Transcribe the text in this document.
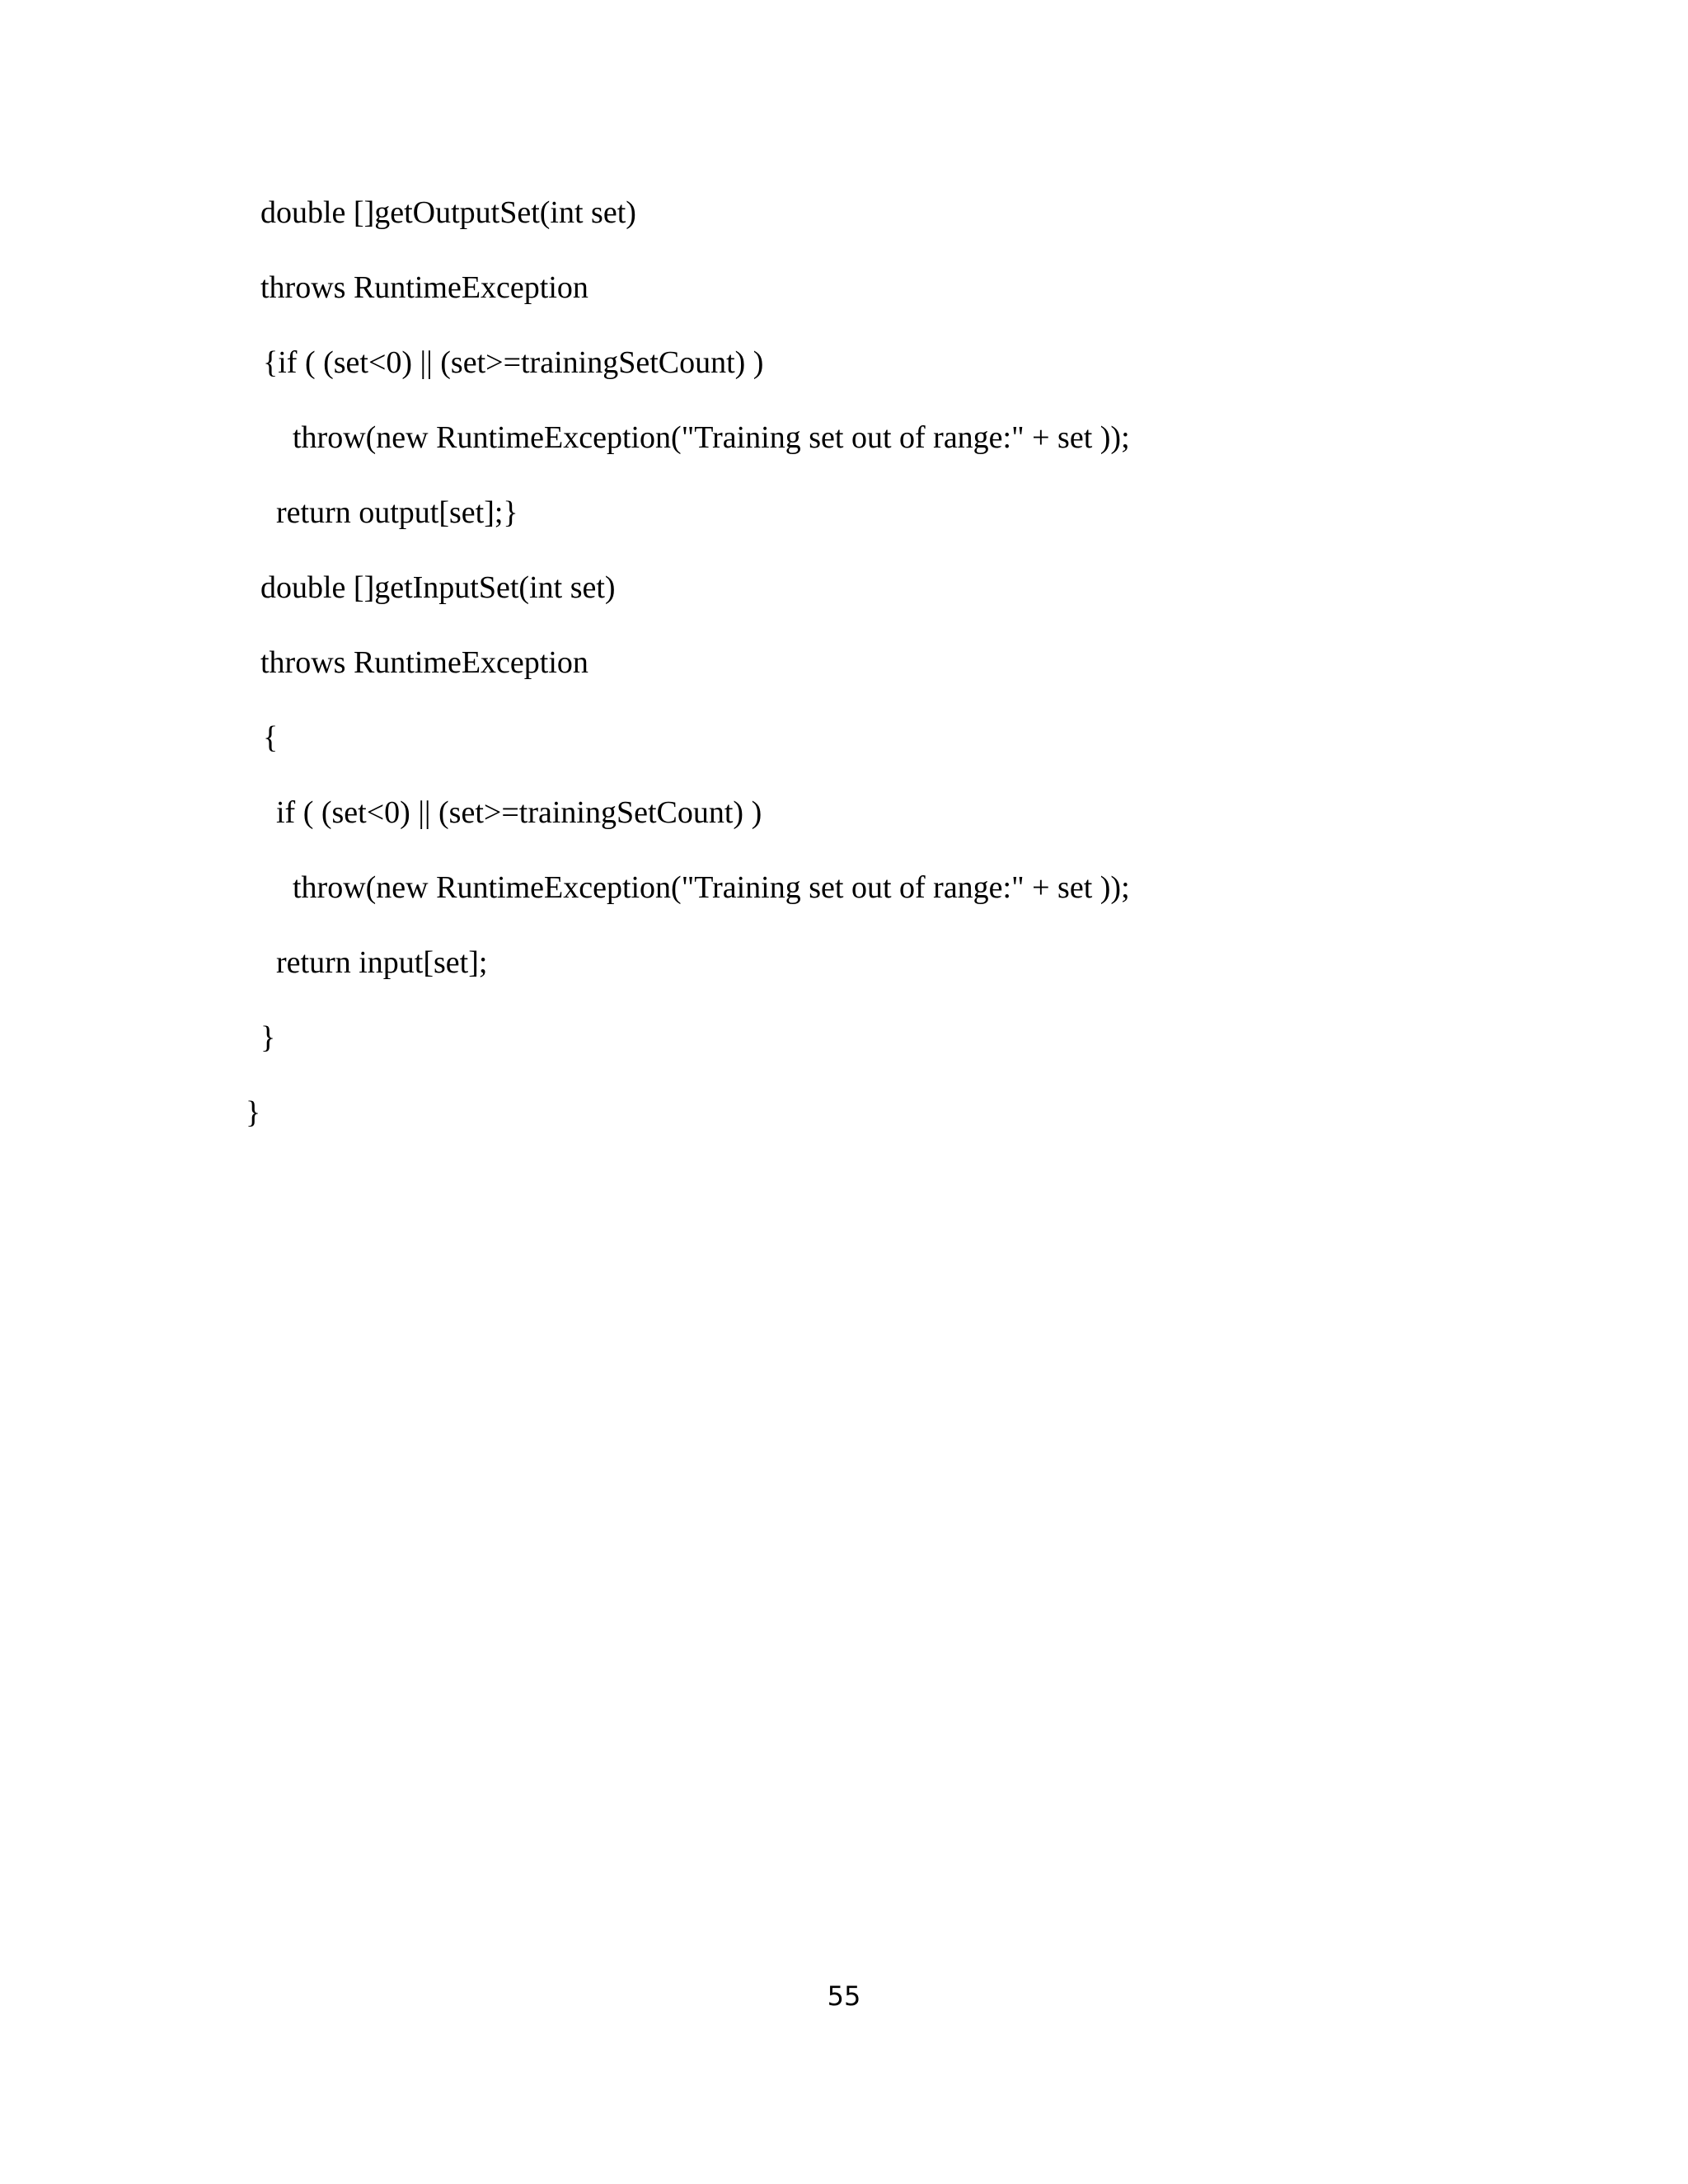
double []getOutputSet(int set)

throws RuntimeException

{if ( (set<0) || (set>=trainingSetCount) )

throw(new RuntimeException("Training set out of range:" + set ));

return output[set];}

double []getInputSet(int set)

throws RuntimeException

{

if ( (set<0) || (set>=trainingSetCount) )

throw(new RuntimeException("Training set out of range:" + set ));

return input[set];

}

}

55
